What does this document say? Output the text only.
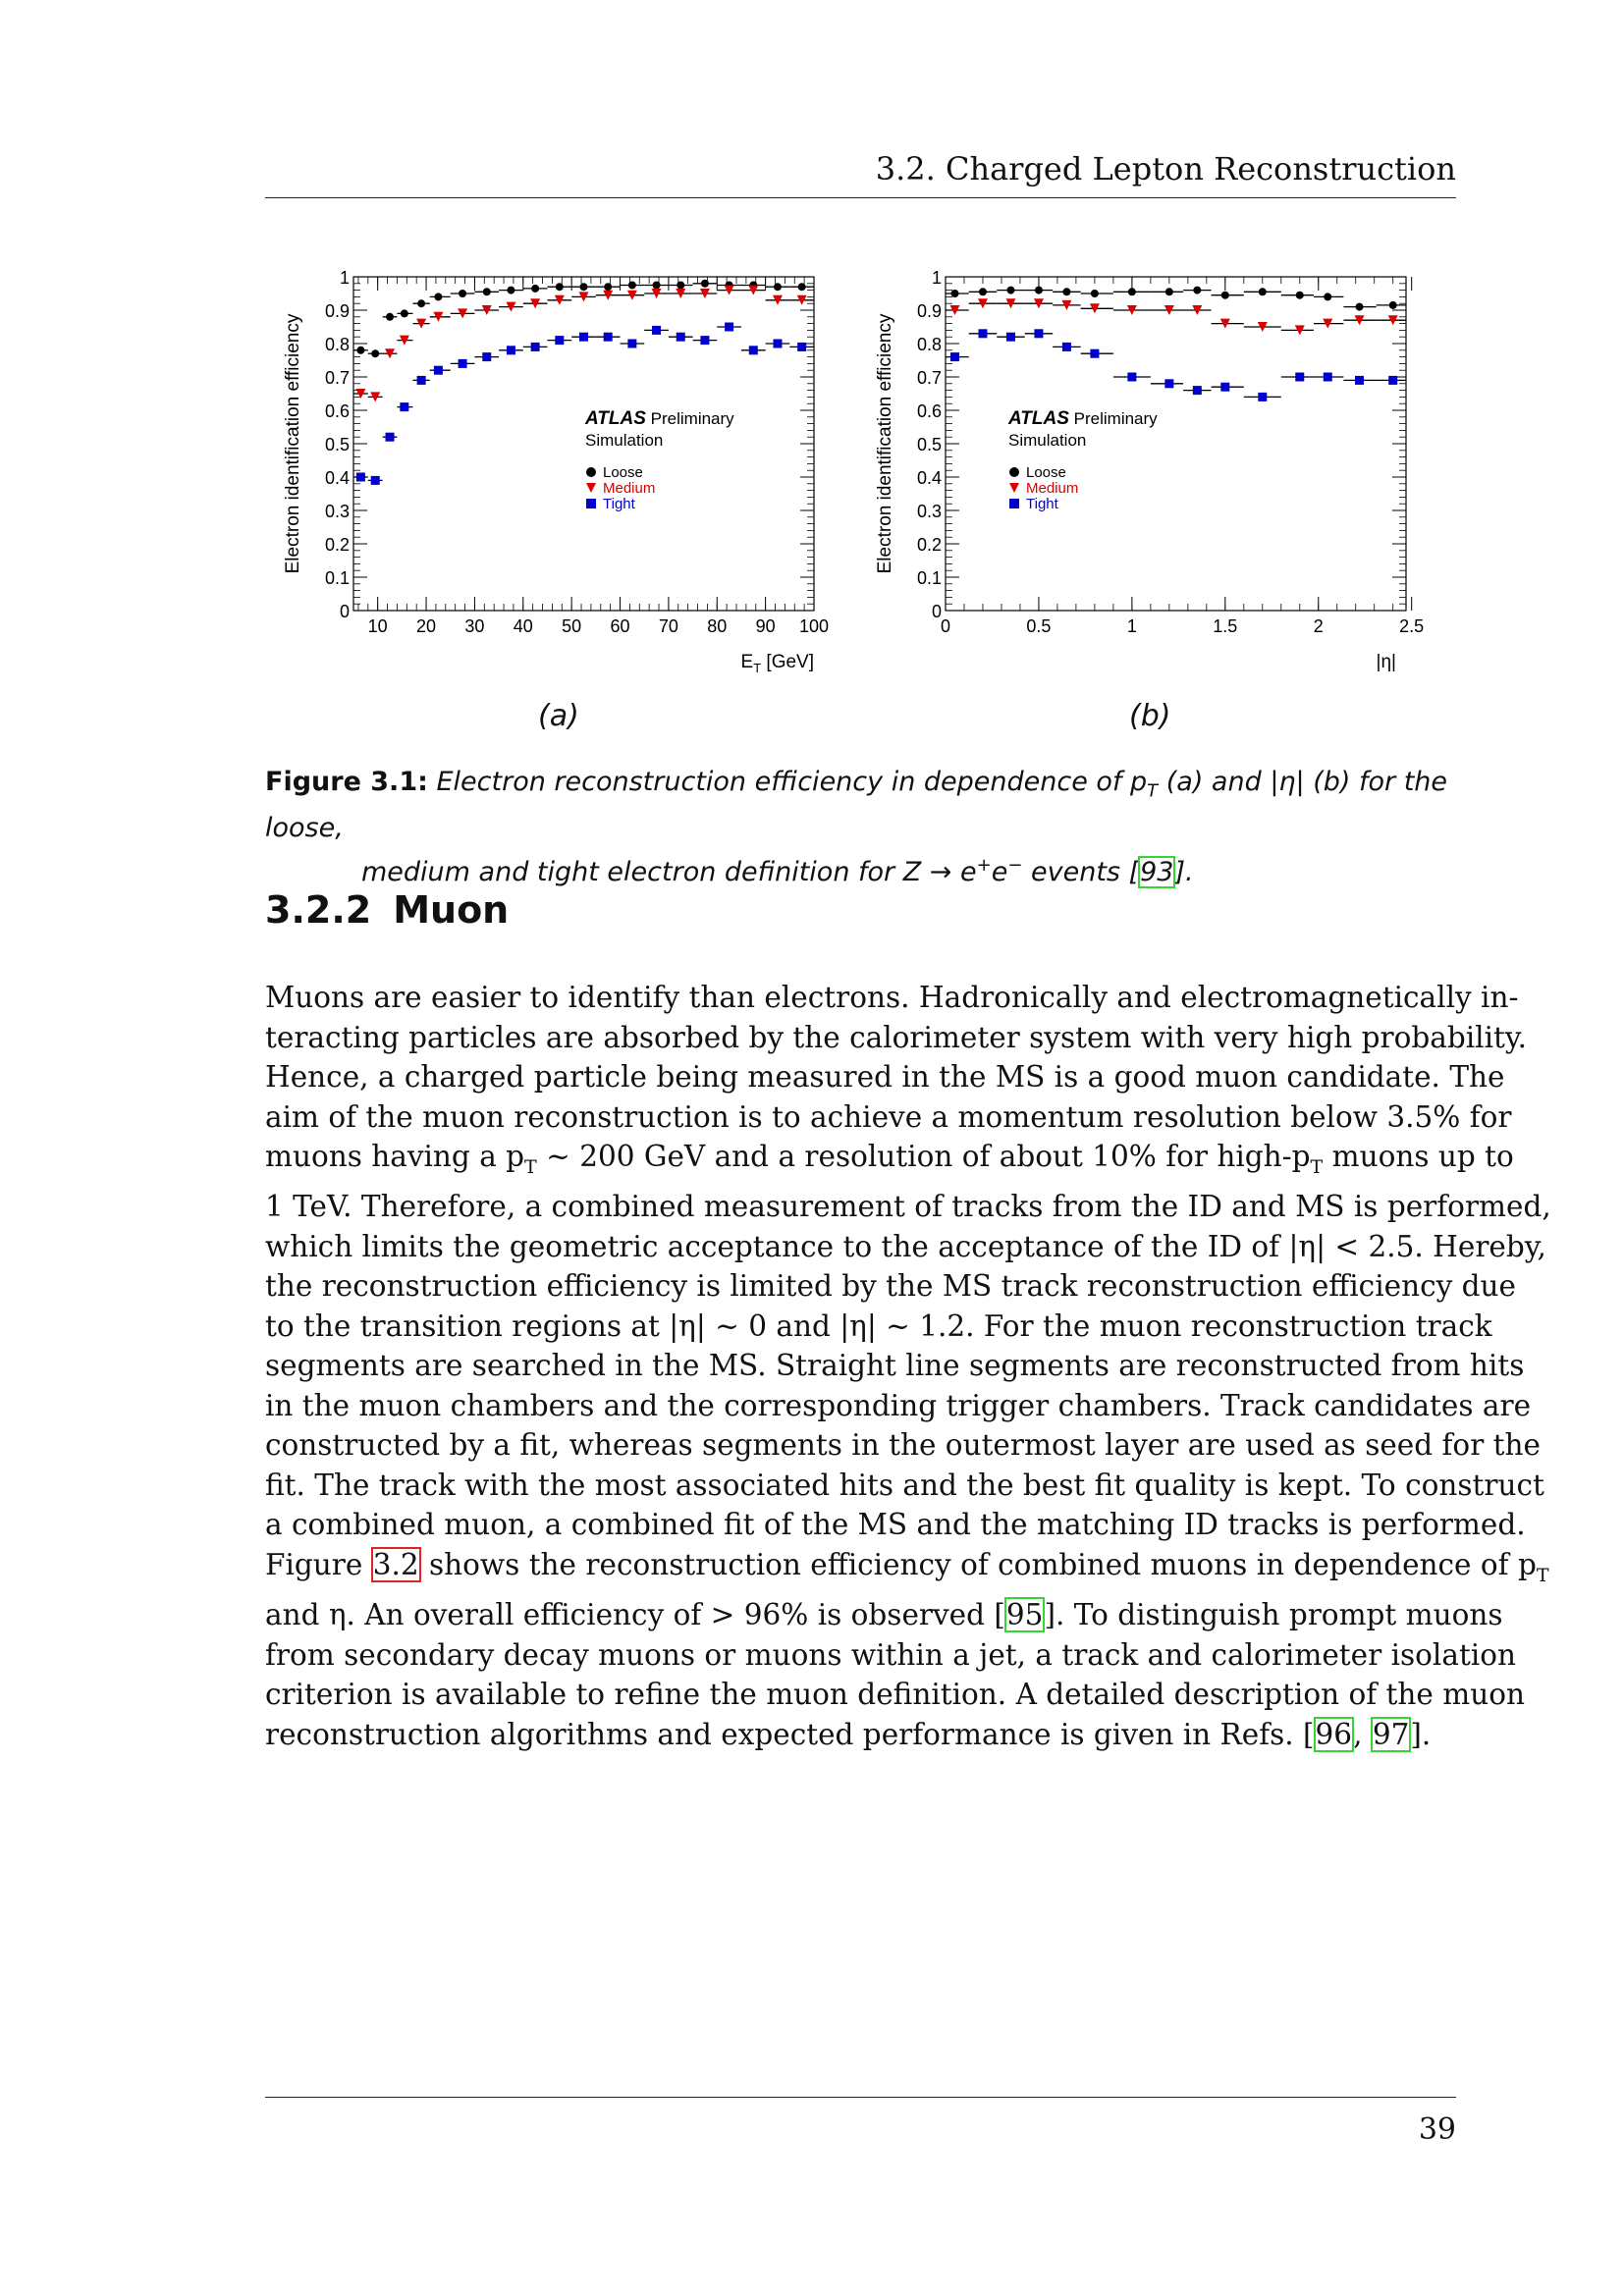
3.2. Charged Lepton Reconstruction
0
0.1
0.2
0.3
0.4
0.5
0.6
0.7
0.8
0.9
1
10 20 30 40 50 60 70 80 90 100
Electron identification efficiency
$E_T$ [GeV]
ATLAS Preliminary
Simulation
Loose
Medium
Tight
0
0.1
0.2
0.3
0.4
0.5
0.6
0.7
0.8
0.9
1
0	0.5	1	1.5	2	2.5
Electron identification efficiency
|η|
ATLAS Preliminary
Simulation
Loose
Medium
Tight
(a)	(b)
Figure 3.1: Electron reconstruction efficiency in dependence of $p_T$ (a) and |η| (b) for the loose,
medium and tight electron definition for Z → e+e− events [93].
3.2.2 Muon
Muons are easier to identify than electrons. Hadronically and electromagnetically in-
teracting particles are absorbed by the calorimeter system with very high probability.
Hence, a charged particle being measured in the MS is a good muon candidate. The
aim of the muon reconstruction is to achieve a momentum resolution below 3.5% for
muons having a $p_T$ ∼ 200 GeV and a resolution of about 10% for high-$p_T$ muons up to
1 TeV. Therefore, a combined measurement of tracks from the ID and MS is performed,
which limits the geometric acceptance to the acceptance of the ID of |η| < 2.5. Hereby,
the reconstruction efficiency is limited by the MS track reconstruction efficiency due
to the transition regions at |η| ∼ 0 and |η| ∼ 1.2. For the muon reconstruction track
segments are searched in the MS. Straight line segments are reconstructed from hits
in the muon chambers and the corresponding trigger chambers. Track candidates are
constructed by a fit, whereas segments in the outermost layer are used as seed for the
fit. The track with the most associated hits and the best fit quality is kept. To construct
a combined muon, a combined fit of the MS and the matching ID tracks is performed.
Figure 3.2 shows the reconstruction efficiency of combined muons in dependence of $p_T$
and η. An overall efficiency of > 96% is observed [95]. To distinguish prompt muons
from secondary decay muons or muons within a jet, a track and calorimeter isolation
criterion is available to refine the muon definition. A detailed description of the muon
reconstruction algorithms and expected performance is given in Refs. [96, 97].
39
